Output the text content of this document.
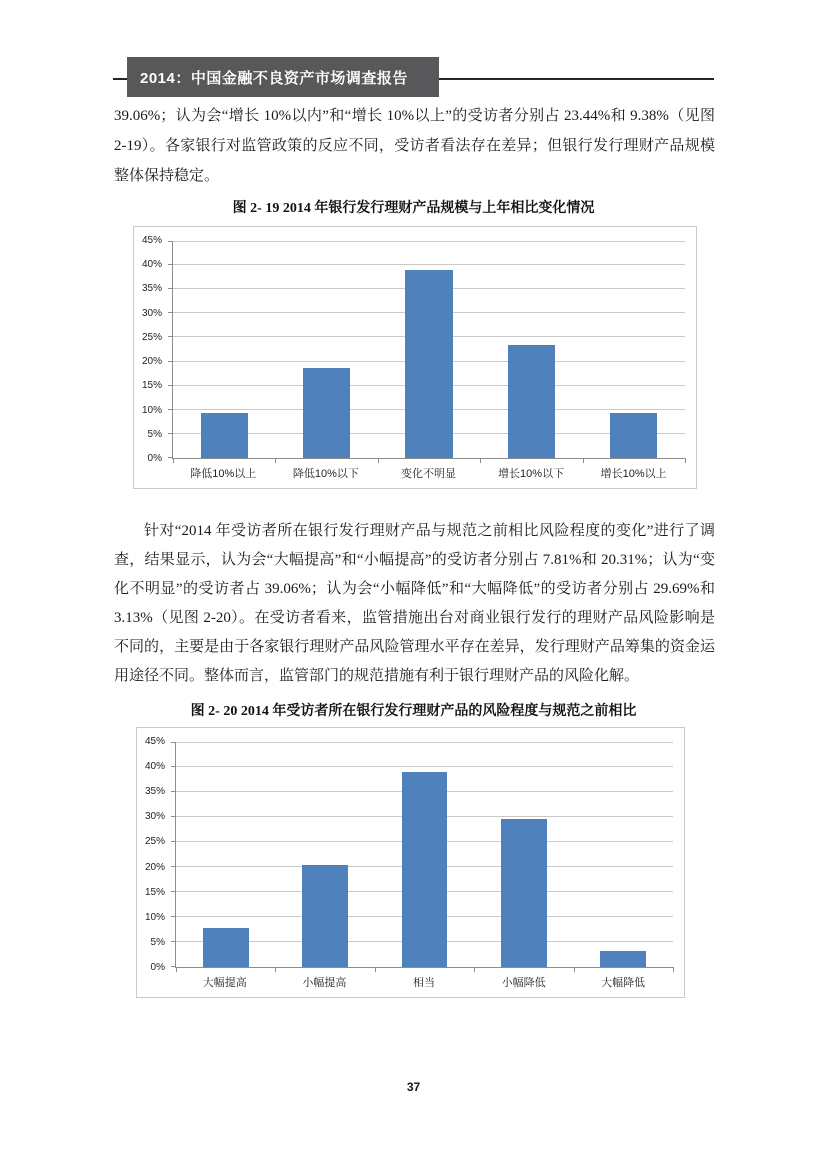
2014：中国金融不良资产市场调查报告
39.06%；认为会“增长 10%以内”和“增长 10%以上”的受访者分别占 23.44%和 9.38%（见图 2-19）。各家银行对监管政策的反应不同，受访者看法存在差异；但银行发行理财产品规模整体保持稳定。
图 2- 19 2014 年银行发行理财产品规模与上年相比变化情况
0%
5%
10%
15%
20%
25%
30%
35%
40%
45%
降低10%以上	降低10%以下	变化不明显	增长10%以下	增长10%以上
针对“2014 年受访者所在银行发行理财产品与规范之前相比风险程度的变化”进行了调查，结果显示，认为会“大幅提高”和“小幅提高”的受访者分别占 7.81%和 20.31%；认为“变化不明显”的受访者占 39.06%；认为会“小幅降低”和“大幅降低”的受访者分别占 29.69%和 3.13%（见图 2-20）。在受访者看来，监管措施出台对商业银行发行的理财产品风险影响是不同的，主要是由于各家银行理财产品风险管理水平存在差异，发行理财产品筹集的资金运用途径不同。整体而言，监管部门的规范措施有利于银行理财产品的风险化解。
图 2- 20 2014 年受访者所在银行发行理财产品的风险程度与规范之前相比
0%
5%
10%
15%
20%
25%
30%
35%
40%
45%
大幅提高	小幅提高	相当	小幅降低	大幅降低
37
